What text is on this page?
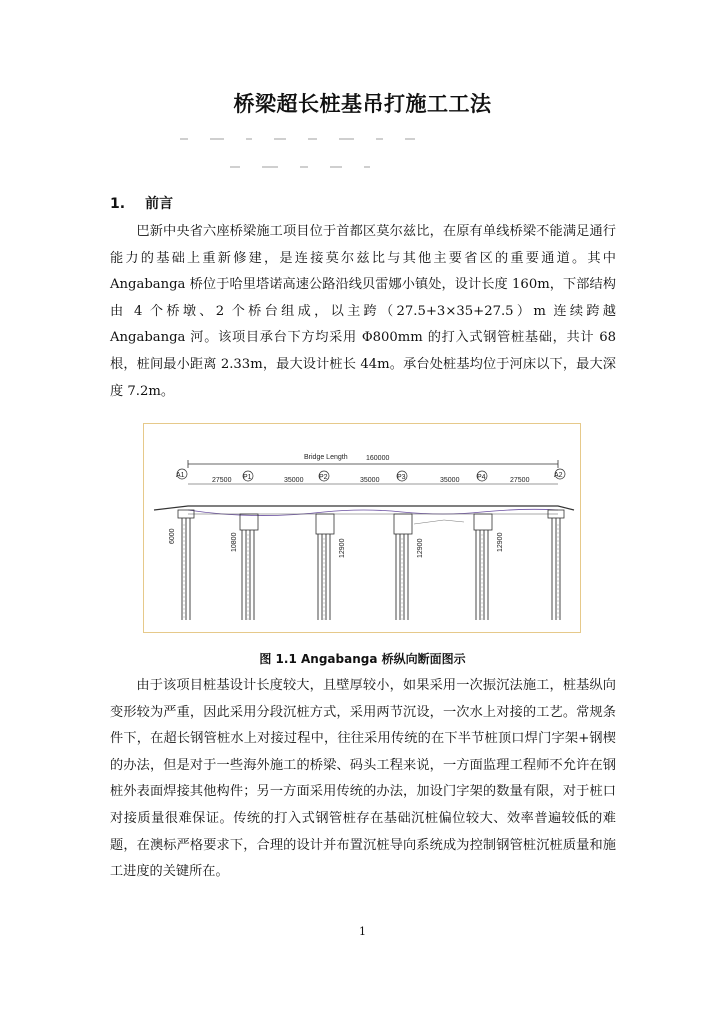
桥梁超长桩基吊打施工工法
1. 前言

巴新中央省六座桥梁施工项目位于首都区莫尔兹比，在原有单线桥梁不能满足通行能力的基础上重新修建，是连接莫尔兹比与其他主要省区的重要通道。其中 Angabanga 桥位于哈里塔诺高速公路沿线贝雷娜小镇处，设计长度 160m，下部结构由 4 个桥墩、2 个桥台组成，以主跨（27.5+3×35+27.5）m 连续跨越 Angabanga 河。该项目承台下方均采用 Φ800mm 的打入式钢管桩基础，共计 68 根，桩间最小距离 2.33m，最大设计桩长 44m。承台处桩基均位于河床以下，最大深度 7.2m。

Bridge Length	160000
27500	35000	35000	35000	27500
A1	P1	P2	P3	P4	A2
6000	10800	12900	12900	12900
图 1.1 Angabanga 桥纵向断面图示

由于该项目桩基设计长度较大，且壁厚较小，如果采用一次振沉法施工，桩基纵向变形较为严重，因此采用分段沉桩方式，采用两节沉设，一次水上对接的工艺。常规条件下，在超长钢管桩水上对接过程中，往往采用传统的在下半节桩顶口焊门字架+钢楔的办法，但是对于一些海外施工的桥梁、码头工程来说，一方面监理工程师不允许在钢桩外表面焊接其他构件；另一方面采用传统的办法，加设门字架的数量有限，对于桩口对接质量很难保证。传统的打入式钢管桩存在基础沉桩偏位较大、效率普遍较低的难题，在澳标严格要求下，合理的设计并布置沉桩导向系统成为控制钢管桩沉桩质量和施工进度的关键所在。

1
